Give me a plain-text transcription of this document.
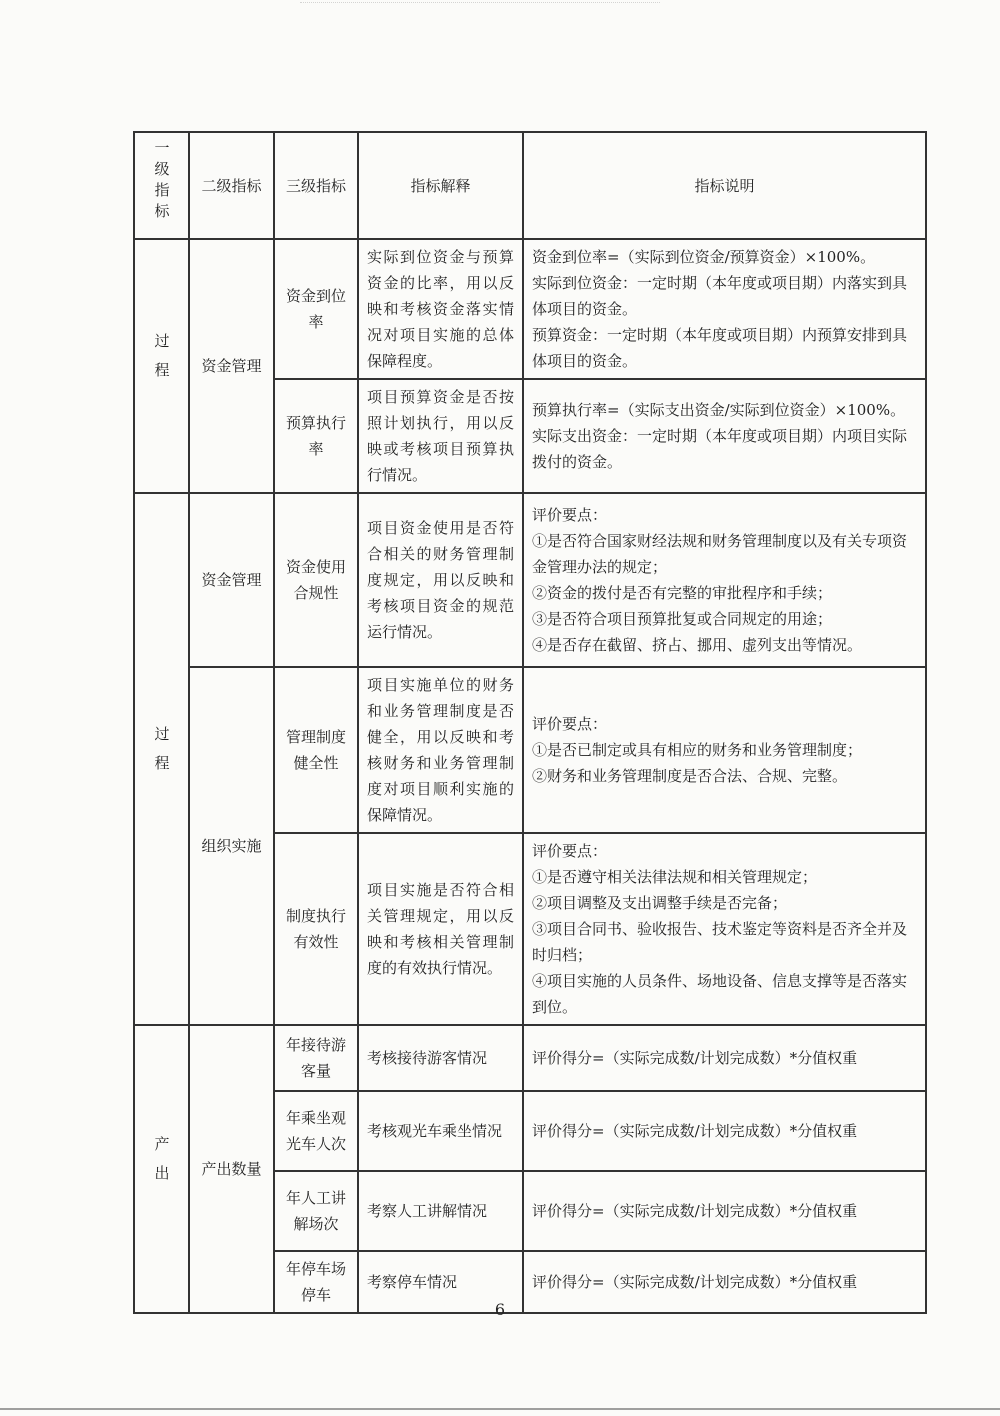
一级指标	二级指标	三级指标	指标解释	指标说明
过程	资金管理	资金到位率	实际到位资金与预算资金的比率，用以反映和考核资金落实情况对项目实施的总体保障程度。	资金到位率=（实际到位资金/预算资金）×100%。
实际到位资金：一定时期（本年度或项目期）内落实到具体项目的资金。
预算资金：一定时期（本年度或项目期）内预算安排到具体项目的资金。

		预算执行率	项目预算资金是否按照计划执行，用以反映或考核项目预算执行情况。	预算执行率=（实际支出资金/实际到位资金）×100%。
实际支出资金：一定时期（本年度或项目期）内项目实际拨付的资金。

过程	资金管理	资金使用合规性	项目资金使用是否符合相关的财务管理制度规定，用以反映和考核项目资金的规范运行情况。	评价要点：
①是否符合国家财经法规和财务管理制度以及有关专项资金管理办法的规定；
②资金的拨付是否有完整的审批程序和手续；
③是否符合项目预算批复或合同规定的用途；
④是否存在截留、挤占、挪用、虚列支出等情况。

	组织实施	管理制度健全性	项目实施单位的财务和业务管理制度是否健全，用以反映和考核财务和业务管理制度对项目顺利实施的保障情况。	评价要点：
①是否已制定或具有相应的财务和业务管理制度；
②财务和业务管理制度是否合法、合规、完整。

		制度执行有效性	项目实施是否符合相关管理规定，用以反映和考核相关管理制度的有效执行情况。	评价要点：
①是否遵守相关法律法规和相关管理规定；
②项目调整及支出调整手续是否完备；
③项目合同书、验收报告、技术鉴定等资料是否齐全并及时归档；
④项目实施的人员条件、场地设备、信息支撑等是否落实到位。

产出	产出数量	年接待游客量	考核接待游客情况	评价得分=（实际完成数/计划完成数）*分值权重

		年乘坐观光车人次	考核观光车乘坐情况	评价得分=（实际完成数/计划完成数）*分值权重

		年人工讲解场次	考察人工讲解情况	评价得分=（实际完成数/计划完成数）*分值权重

		年停车场停车	考察停车情况	评价得分=（实际完成数/计划完成数）*分值权重
6
